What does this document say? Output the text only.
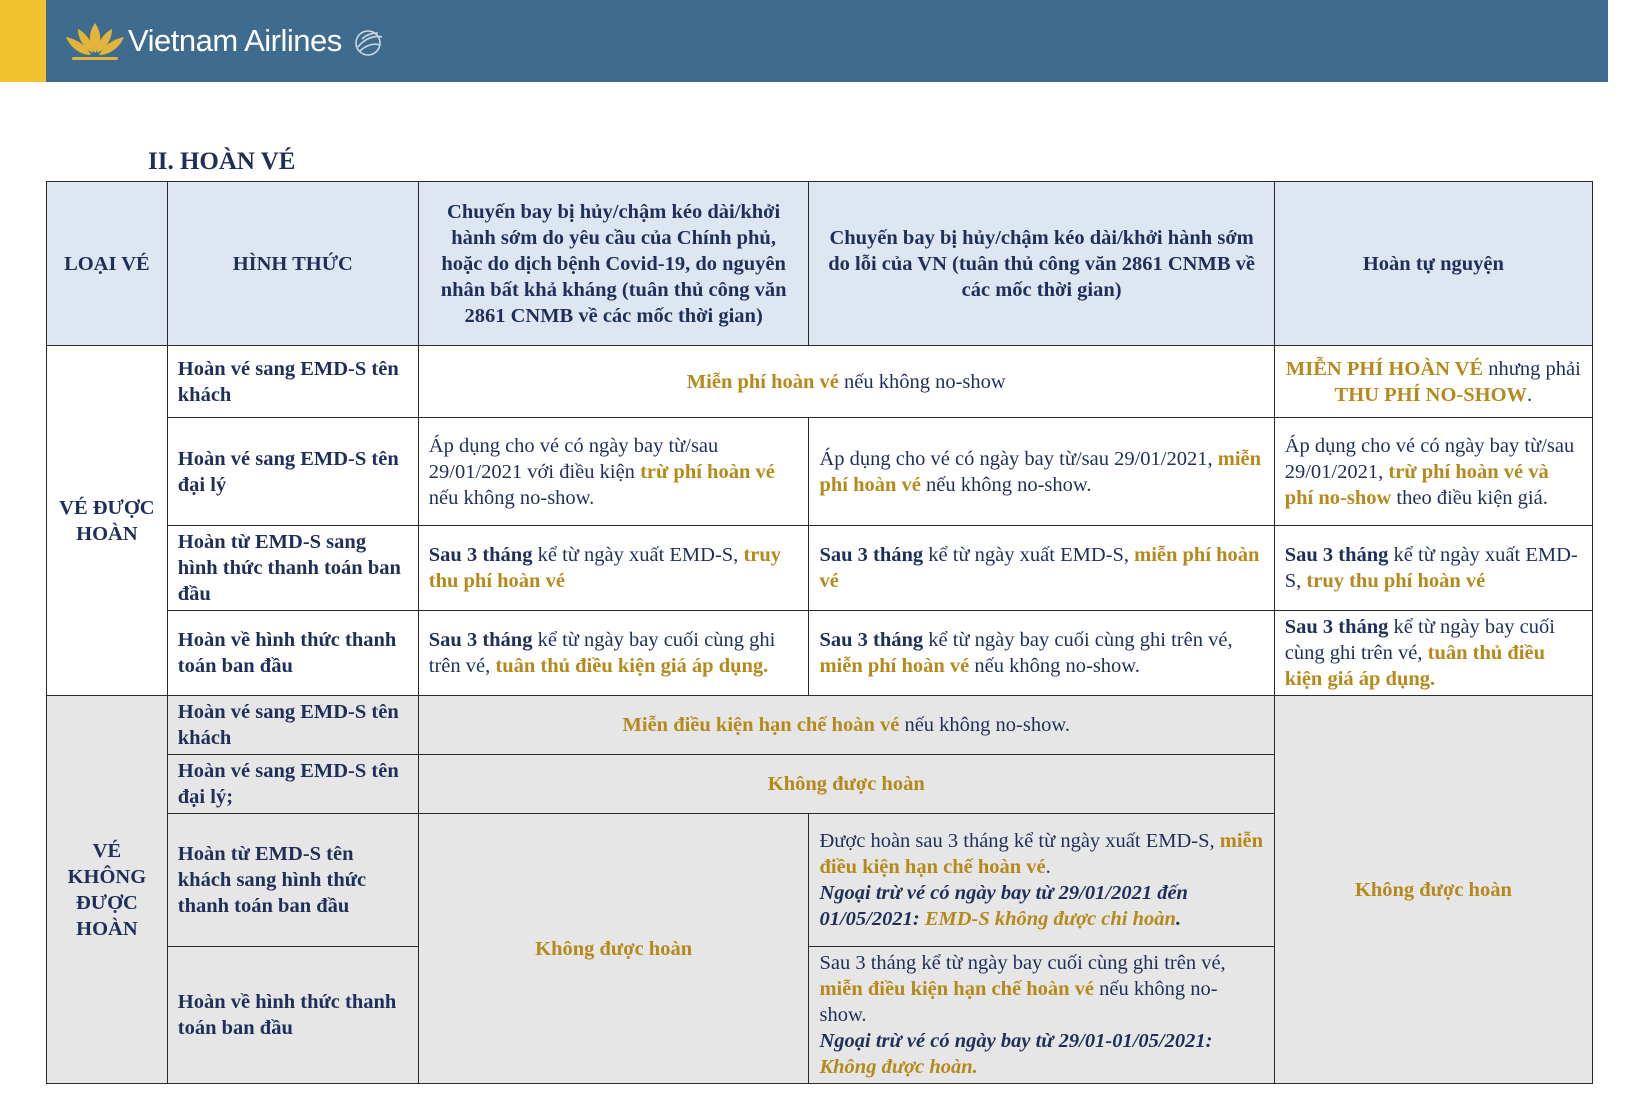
Vietnam Airlines
II. HOÀN VÉ
LOẠI VÉ	HÌNH THỨC	Chuyến bay bị hủy/chậm kéo dài/khởi hành sớm do yêu cầu của Chính phủ, hoặc do dịch bệnh Covid-19, do nguyên nhân bất khả kháng (tuân thủ công văn 2861 CNMB về các mốc thời gian)	Chuyến bay bị hủy/chậm kéo dài/khởi hành sớm do lỗi của VN (tuân thủ công văn 2861 CNMB về các mốc thời gian)	Hoàn tự nguyện
VÉ ĐƯỢC HOÀN	Hoàn vé sang EMD-S tên khách	Miễn phí hoàn vé nếu không no-show		MIỄN PHÍ HOÀN VÉ nhưng phải THU PHÍ NO-SHOW.
	Hoàn vé sang EMD-S tên đại lý	Áp dụng cho vé có ngày bay từ/sau 29/01/2021 với điều kiện trừ phí hoàn vé nếu không no-show.	Áp dụng cho vé có ngày bay từ/sau 29/01/2021, miễn phí hoàn vé nếu không no-show.	Áp dụng cho vé có ngày bay từ/sau 29/01/2021, trừ phí hoàn vé và phí no-show theo điều kiện giá.
	Hoàn từ EMD-S sang hình thức thanh toán ban đầu	Sau 3 tháng kể từ ngày xuất EMD-S, truy thu phí hoàn vé	Sau 3 tháng kể từ ngày xuất EMD-S, miễn phí hoàn vé	Sau 3 tháng kể từ ngày xuất EMD-S, truy thu phí hoàn vé
	Hoàn về hình thức thanh toán ban đầu	Sau 3 tháng kể từ ngày bay cuối cùng ghi trên vé, tuân thủ điều kiện giá áp dụng.	Sau 3 tháng kể từ ngày bay cuối cùng ghi trên vé, miễn phí hoàn vé nếu không no-show.	Sau 3 tháng kể từ ngày bay cuối cùng ghi trên vé, tuân thủ điều kiện giá áp dụng.
VÉ KHÔNG ĐƯỢC HOÀN	Hoàn vé sang EMD-S tên khách	Miễn điều kiện hạn chế hoàn vé nếu không no-show.		Không được hoàn
	Hoàn vé sang EMD-S tên đại lý;	Không được hoàn		
	Hoàn từ EMD-S tên khách sang hình thức thanh toán ban đầu	Không được hoàn	Được hoàn sau 3 tháng kể từ ngày xuất EMD-S, miễn điều kiện hạn chế hoàn vé.
Ngoại trừ vé có ngày bay từ 29/01/2021 đến 01/05/2021: EMD-S không được chi hoàn.	
	Hoàn về hình thức thanh toán ban đầu		Sau 3 tháng kể từ ngày bay cuối cùng ghi trên vé, miễn điều kiện hạn chế hoàn vé nếu không no-show.
Ngoại trừ vé có ngày bay từ 29/01-01/05/2021: Không được hoàn.	
